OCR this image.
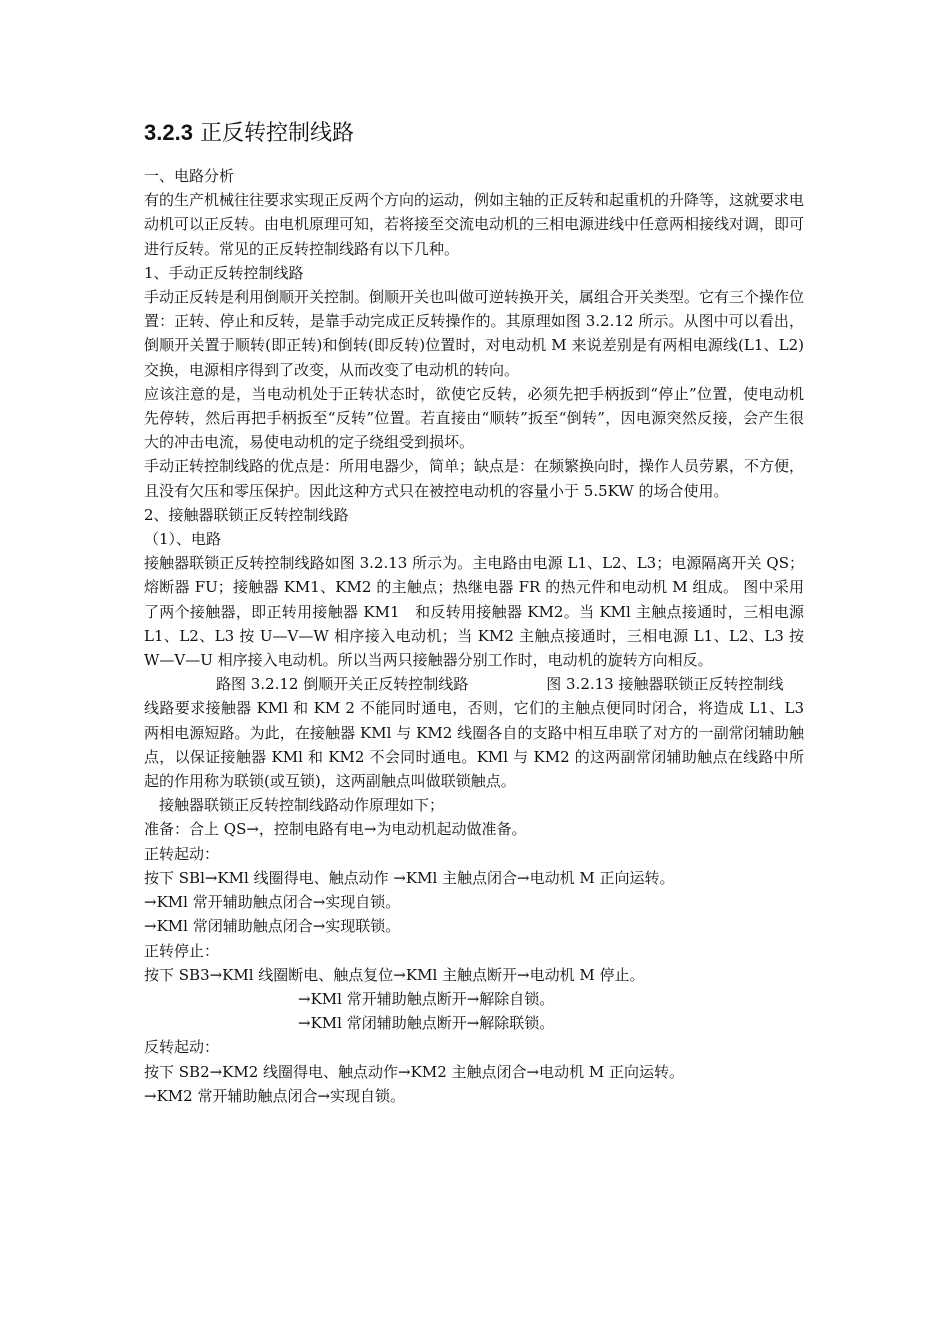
3.2.3 正反转控制线路

一、电路分析

有的生产机械往往要求实现正反两个方向的运动，例如主轴的正反转和起重机的升降等，这就要求电动机可以正反转。由电机原理可知，若将接至交流电动机的三相电源进线中任意两相接线对调，即可进行反转。常见的正反转控制线路有以下几种。

1、手动正反转控制线路

手动正反转是利用倒顺开关控制。倒顺开关也叫做可逆转换开关，属组合开关类型。它有三个操作位置：正转、停止和反转，是靠手动完成正反转操作的。其原理如图 3.2.12 所示。从图中可以看出，倒顺开关置于顺转(即正转)和倒转(即反转)位置时，对电动机 M 来说差别是有两相电源线(L1、L2)交换，电源相序得到了改变，从而改变了电动机的转向。

应该注意的是，当电动机处于正转状态时，欲使它反转，必须先把手柄扳到“停止”位置，使电动机先停转，然后再把手柄扳至“反转”位置。若直接由“顺转”扳至“倒转”，因电源突然反接，会产生很大的冲击电流，易使电动机的定子绕组受到损坏。

手动正转控制线路的优点是：所用电器少，简单；缺点是：在频繁换向时，操作人员劳累，不方便，且没有欠压和零压保护。因此这种方式只在被控电动机的容量小于 5.5KW 的场合使用。

2、接触器联锁正反转控制线路

（1）、电路

接触器联锁正反转控制线路如图 3.2.13 所示为。主电路由电源 L1、L2、L3；电源隔离开关 QS；熔断器 FU；接触器 KM1、KM2 的主触点；热继电器 FR 的热元件和电动机 M 组成。 图中采用了两个接触器，即正转用接触器 KM1　和反转用接触器 KM2。当 KMl 主触点接通时，三相电源 L1、L2、L3 按 U—V—W 相序接入电动机；当 KM2 主触点接通时，三相电源 L1、L2、L3 按 W—V—U 相序接入电动机。所以当两只接触器分别工作时，电动机的旋转方向相反。

路图 3.2.12 倒顺开关正反转控制线路	图 3.2.13 接触器联锁正反转控制线

线路要求接触器 KMl 和 KM 2 不能同时通电，否则，它们的主触点便同时闭合，将造成 L1、L3 两相电源短路。为此，在接触器 KMl 与 KM2 线圈各自的支路中相互串联了对方的一副常闭辅助触点，以保证接触器 KMl 和 KM2 不会同时通电。KMl 与 KM2 的这两副常闭辅助触点在线路中所起的作用称为联锁(或互锁)，这两副触点叫做联锁触点。

接触器联锁正反转控制线路动作原理如下；

准备：合上 QS→，控制电路有电→为电动机起动做准备。

正转起动：

按下 SBl→KMl 线圈得电、触点动作 →KMl 主触点闭合→电动机 M 正向运转。

→KMl 常开辅助触点闭合→实现自锁。

→KMl 常闭辅助触点闭合→实现联锁。

正转停止：

按下 SB3→KMl 线圈断电、触点复位→KMl 主触点断开→电动机 M 停止。

→KMl 常开辅助触点断开→解除自锁。

→KMl 常闭辅助触点断开→解除联锁。

反转起动：

按下 SB2→KM2 线圈得电、触点动作→KM2 主触点闭合→电动机 M 正向运转。

→KM2 常开辅助触点闭合→实现自锁。
